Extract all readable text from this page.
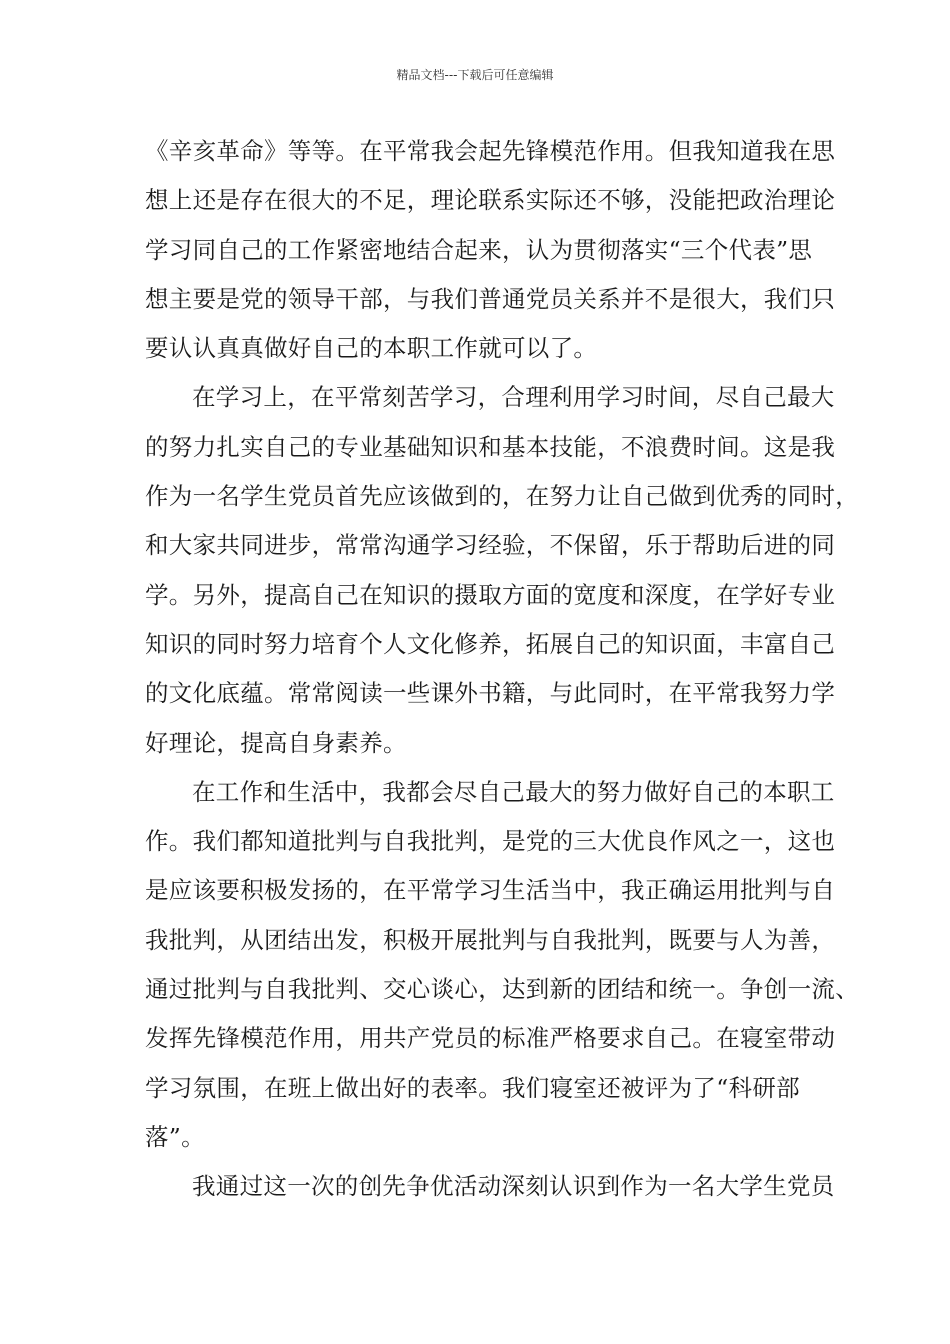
精品文档---下载后可任意编辑
《辛亥革命》等等。在平常我会起先锋模范作用。但我知道我在思
想上还是存在很大的不足，理论联系实际还不够，没能把政治理论
学习同自己的工作紧密地结合起来，认为贯彻落实“三个代表”思
想主要是党的领导干部，与我们普通党员关系并不是很大，我们只
要认认真真做好自己的本职工作就可以了。
在学习上，在平常刻苦学习，合理利用学习时间，尽自己最大
的努力扎实自己的专业基础知识和基本技能，不浪费时间。这是我
作为一名学生党员首先应该做到的，在努力让自己做到优秀的同时，
和大家共同进步，常常沟通学习经验，不保留，乐于帮助后进的同
学。另外，提高自己在知识的摄取方面的宽度和深度，在学好专业
知识的同时努力培育个人文化修养，拓展自己的知识面，丰富自己
的文化底蕴。常常阅读一些课外书籍，与此同时，在平常我努力学
好理论，提高自身素养。
在工作和生活中，我都会尽自己最大的努力做好自己的本职工
作。我们都知道批判与自我批判，是党的三大优良作风之一，这也
是应该要积极发扬的，在平常学习生活当中，我正确运用批判与自
我批判，从团结出发，积极开展批判与自我批判，既要与人为善，
通过批判与自我批判、交心谈心，达到新的团结和统一。争创一流、
发挥先锋模范作用，用共产党员的标准严格要求自己。在寝室带动
学习氛围，在班上做出好的表率。我们寝室还被评为了“科研部
落”。
我通过这一次的创先争优活动深刻认识到作为一名大学生党员
